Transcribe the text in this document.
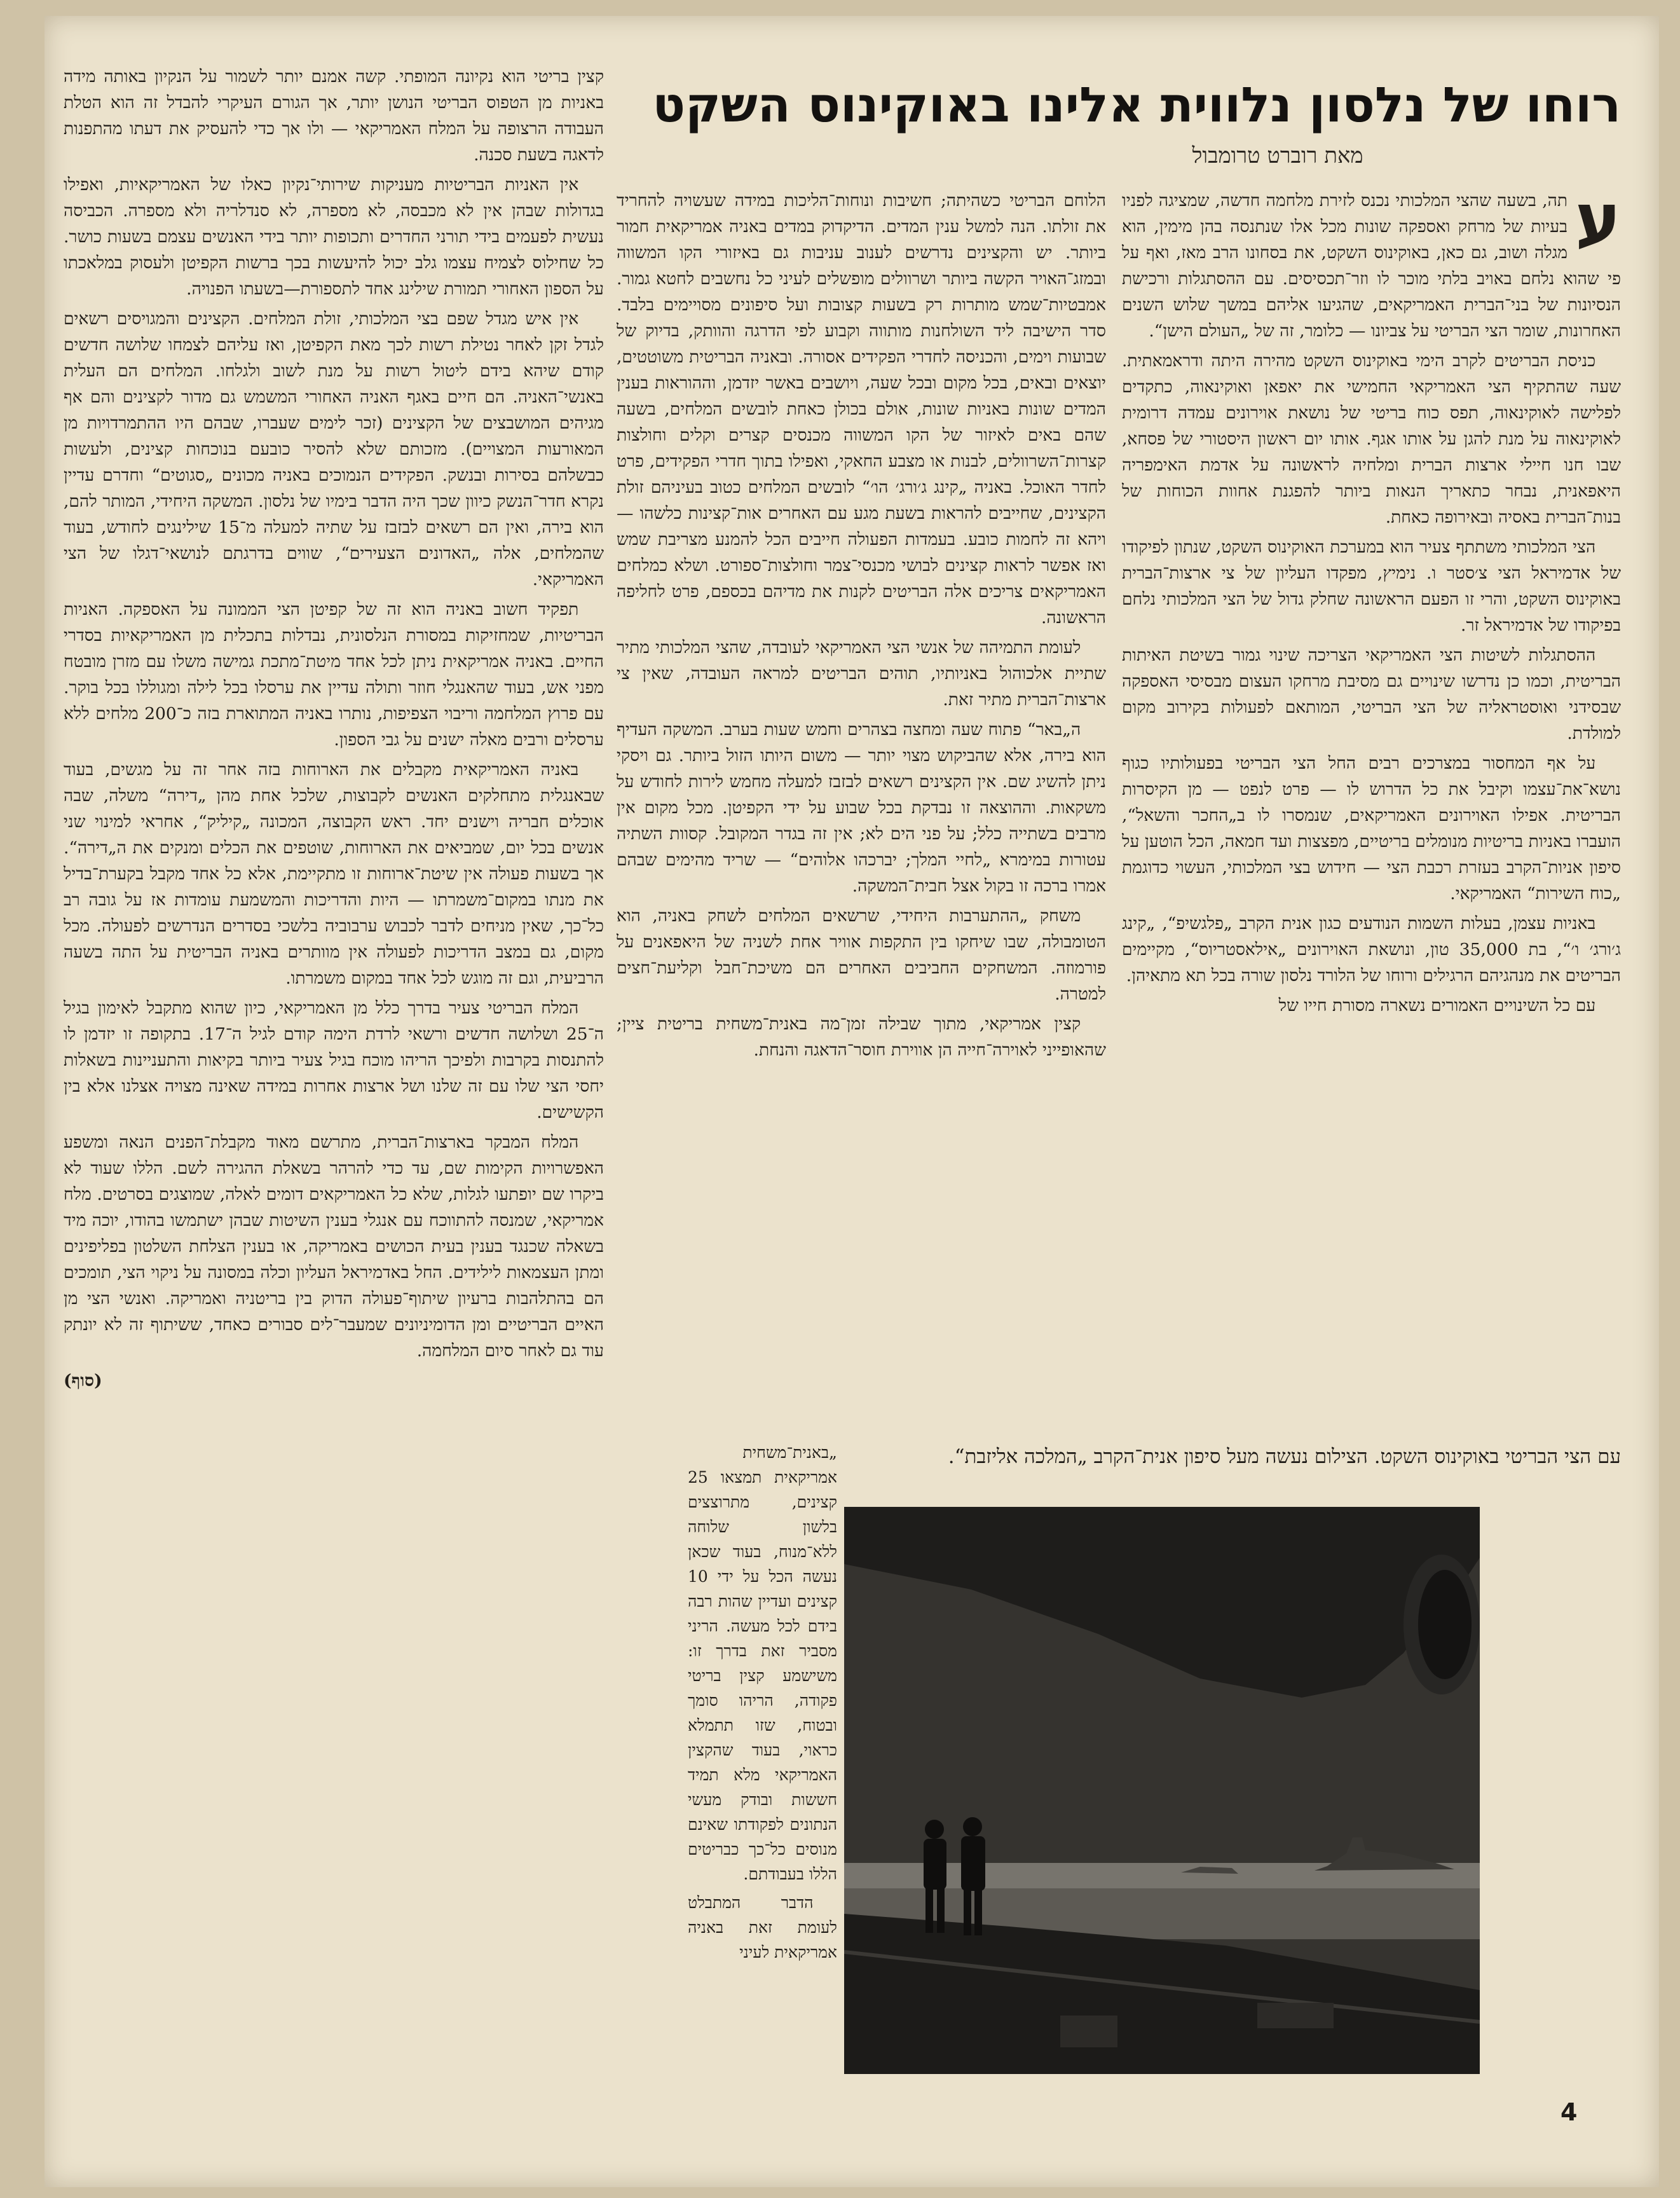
רוחו של נלסון נלווית אלינו באוקינוס השקט
מאת רוברט טרומבול

ע
תה, בשעה שהצי המלכותי נכנס לזירת מלחמה חדשה, שמציגה לפניו בעיות של מרחק ואספקה שונות מכל אלו שנתנסה בהן מימין, הוא מגלה ושוב, גם כאן, באוקינוס השקט, את בסחונו הרב מאז, ואף על פי שהוא נלחם באויב בלתי מוכר לו וזר־תכסיסים. עם ההסתגלות ורכישת הנסיונות של בני־הברית האמריקאים, שהגיעו אליהם במשך שלוש השנים האחרונות, שומר הצי הבריטי על צביונו — כלומר, זה של „העולם הישן“.

כניסת הבריטים לקרב הימי באוקינוס השקט מהירה היתה ודראמאתית. שעה שהתקיף הצי האמריקאי החמישי את יאפאן ואוקינאוה, כתקדים לפלישה לאוקינאוה, תפס כוח בריטי של נושאת אוירונים עמדה דרומית לאוקינאוה על מנת להגן על אותו אגף. אותו יום ראשון היסטורי של פסחא, שבו חנו חיילי ארצות הברית ומלחיה לראשונה על אדמת האימפריה היאפאנית, נבחר כתאריך הנאות ביותר להפגנת אחוות הכוחות של בנות־הברית באסיה ובאירופה כאחת.

הצי המלכותי משתתף צעיר הוא במערכת האוקינוס השקט, שנתון לפיקודו של אדמיראל הצי צ׳סטר ו. נימיץ, מפקדו העליון של צי ארצות־הברית באוקינוס השקט, והרי זו הפעם הראשונה שחלק גדול של הצי המלכותי נלחם בפיקודו של אדמיראל זר.

ההסתגלות לשיטות הצי האמריקאי הצריכה שינוי גמור בשיטת האיתות הבריטית, וכמו כן נדרשו שינויים גם מסיבת מרחקו העצום מבסיסי האספקה שבסידני ואוסטראליה של הצי הבריטי, המותאם לפעולות בקירוב מקום למולדת.

על אף המחסור במצרכים רבים החל הצי הבריטי בפעולותיו כגוף נושא־את־עצמו וקיבל את כל הדרוש לו — פרט לנפט — מן הקיסרות הבריטית. אפילו האוירונים האמריקאים, שנמסרו לו ב„החכר והשאל“, הועברו באניות בריטיות מנומלים בריטיים, מפצצות ועד חמאה, הכל הוטען על סיפון אניות־הקרב בעזרת רכבת הצי — חידוש בצי המלכותי, העשוי כדוגמת „כוח השירות“ האמריקאי.

באניות עצמן, בעלות השמות הנודעים כגון אנית הקרב „פלגשיפ“, „קינג ג׳ורג׳ ו׳“, בת 35,000 טון, ונושאת האוירונים „אילאסטריוס“, מקיימים הבריטים את מנהגיהם הרגילים ורוחו של הלורד נלסון שורה בכל תא מתאיהן.

עם כל השינויים האמורים נשארה מסורת חייו של

הלוחם הבריטי כשהיתה; חשיבות ונוחות־הליכות במידה שעשויה להחריד את זולתו. הנה למשל ענין המדים. הדיקדוק במדים באניה אמריקאית חמור ביותר. יש והקצינים נדרשים לענוב עניבות גם באיזורי הקו המשווה ובמזג־האויר הקשה ביותר ושרוולים מופשלים לעיני כל נחשבים לחטא גמור. אמבטיות־שמש מותרות רק בשעות קצובות ועל סיפונים מסויימים בלבד. סדר הישיבה ליד השולחנות מותווה וקבוע לפי הדרגה והוותק, בדיוק של שבועות וימים, והכניסה לחדרי הפקידים אסורה. ובאניה הבריטית משוטטים, יוצאים ובאים, בכל מקום ובכל שעה, ויושבים באשר יזדמן, וההוראות בענין המדים שונות באניות שונות, אולם בכולן כאחת לובשים המלחים, בשעה שהם באים לאיזור של הקו המשווה מכנסים קצרים וקלים וחולצות קצרות־השרוולים, לבנות או מצבע החאקי, ואפילו בתוך חדרי הפקידים, פרט לחדר האוכל. באניה „קינג ג׳ורג׳ הו׳“ לובשים המלחים כטוב בעיניהם זולת הקצינים, שחייבים להראות בשעת מגע עם האחרים אות־קצינות כלשהו — ויהא זה לחמות כובע. בעמדות הפעולה חייבים הכל להמנע מצריבת שמש ואז אפשר לראות קצינים לבושי מכנסי־צמר וחולצות־ספורט. ושלא כמלחים האמריקאים צריכים אלה הבריטים לקנות את מדיהם בכספם, פרט לחליפה הראשונה.

לעומת התמיהה של אנשי הצי האמריקאי לעובדה, שהצי המלכותי מתיר שתיית אלכוהול באניותיו, תוהים הבריטים למראה העובדה, שאין צי ארצות־הברית מתיר זאת.

ה„באר“ פתוח שעה ומחצה בצהרים וחמש שעות בערב. המשקה העדיף הוא בירה, אלא שהביקוש מצוי יותר — משום היותו הזול ביותר. גם ויסקי ניתן להשיג שם. אין הקצינים רשאים לבזבז למעלה מחמש לירות לחודש על משקאות. וההוצאה זו נבדקת בכל שבוע על ידי הקפיטן. מכל מקום אין מרבים בשתייה כלל; על פני הים לא; אין זה בגדר המקובל. קסוות השתיה עטורות במימרא „לחיי המלך; יברכהו אלוהים“ — שריד מהימים שבהם אמרו ברכה זו בקול אצל חבית־המשקה.

משחק „ההתערבות היחידי, שרשאים המלחים לשחק באניה, הוא הטומבולה, שבו שיחקו בין התקפות אוויר אחת לשניה של היאפאנים על פורמוזה. המשחקים החביבים האחרים הם משיכת־חבל וקליעת־חצים למטרה.

קצין אמריקאי, מתוך שבילה זמן־מה באנית־משחית בריטית ציין; שהאופייני לאוירה־חייה הן אווירת חוסר־הדאגה והנחת.

„באנית־משחית אמריקאית תמצאו 25 קצינים, מתרוצצים בלשון שלוחה ללא־מנוח, בעוד שכאן נעשה הכל על ידי 10 קצינים ועדיין שהות רבה בידם לכל מעשה. הריני מסביר זאת בדרך זו: משישמע קצין בריטי פקודה, הריהו סומך ובטוח, שזו תתמלא כראוי, בעוד שהקצין האמריקאי מלא תמיד חששות ובודק מעשי הנתונים לפקודתו שאינם מנוסים כל־כך כבריטים הללו בעבודתם.

הדבר המתבלט לעומת זאת באניה אמריקאית לעיני

קצין בריטי הוא נקיונה המופתי. קשה אמנם יותר לשמור על הנקיון באותה מידה באניות מן הטפוס הבריטי הנושן יותר, אך הגורם העיקרי להבדל זה הוא הטלת העבודה הרצופה על המלח האמריקאי — ולו אך כדי להעסיק את דעתו מהתפנות לדאגה בשעת סכנה.

אין האניות הבריטיות מעניקות שירותי־נקיון כאלו של האמריקאיות, ואפילו בגדולות שבהן אין לא מכבסה, לא מספרה, לא סנדלריה ולא מספרה. הכביסה נעשית לפעמים בידי תורני החדרים ותכופות יותר בידי האנשים עצמם בשעות כושר. כל שחילוס לצמיח עצמו גלב יכול להיעשות בכך ברשות הקפיטן ולעסוק במלאכתו על הספון האחורי תמורת שילינג אחד לתספורת—בשעתו הפנויה.

אין איש מגדל שפם בצי המלכותי, זולת המלחים. הקצינים והמגויסים רשאים לגדל זקן לאחר נטילת רשות לכך מאת הקפיטן, ואז עליהם לצמחו שלושה חדשים קודם שיהא בידם ליטול רשות על מנת לשוב ולגלחו. המלחים הם העלית באנשי־האניה. הם חיים באגף האניה האחורי המשמש גם מדור לקצינים והם אף מגיהים המושבצים של הקצינים (זכר לימים שעברו, שבהם היו ההתמרדויות מן המאורעות המצויים). מזכותם שלא להסיר כובעם בנוכחות קצינים, ולעשות כבשלהם בסירות ובנשק. הפקידים הנמוכים באניה מכונים „סגוטים“ וחדרם עדיין נקרא חדר־הנשק כיוון שכך היה הדבר בימיו של נלסון. המשקה היחידי, המותר להם, הוא בירה, ואין הם רשאים לבזבז על שתיה למעלה מ־15 שילינגים לחודש, בעוד שהמלחים, אלה „האדונים הצעירים“, שווים בדרגתם לנושאי־דגלו של הצי האמריקאי.

תפקיד חשוב באניה הוא זה של קפיטן הצי הממונה על האספקה. האניות הבריטיות, שמחזיקות במסורת הנלסונית, נבדלות בתכלית מן האמריקאיות בסדרי החיים. באניה אמריקאית ניתן לכל אחד מיטת־מתכת גמישה משלו עם מזרן מובטח מפני אש, בעוד שהאנגלי חוזר ותולה עדיין את ערסלו בכל לילה ומגוללו בכל בוקר. עם פרוץ המלחמה וריבוי הצפיפות, נותרו באניה המתוארת בזה כ־200 מלחים ללא ערסלים ורבים מאלה ישנים על גבי הספון.

באניה האמריקאית מקבלים את הארוחות בזה אחר זה על מגשים, בעוד שבאנגלית מתחלקים האנשים לקבוצות, שלכל אחת מהן „דירה“ משלה, שבה אוכלים חבריה וישנים יחד. ראש הקבוצה, המכונה „קיליק“, אחראי למינוי שני אנשים בכל יום, שמביאים את הארוחות, שוטפים את הכלים ומנקים את ה„דירה“. אך בשעות פעולה אין שיטת־ארוחות זו מתקיימת, אלא כל אחד מקבל בקערת־בדיל את מנתו במקום־משמרתו — היות והדריכות והמשמעת עומדות אז על גובה רב כל־כך, שאין מניחים לדבר לכבוש ערבוביה בלשכי בסדרים הנדרשים לפעולה. מכל מקום, גם במצב הדריכות לפעולה אין מוותרים באניה הבריטית על התה בשעה הרביעית, וגם זה מוגש לכל אחד במקום משמרתו.

המלח הבריטי צעיר בדרך כלל מן האמריקאי, כיון שהוא מתקבל לאימון בגיל ה־25 ושלושה חדשים ורשאי לרדת הימה קודם לגיל ה־17. בתקופה זו יזדמן לו להתנסות בקרבות ולפיכך הריהו מוכח בגיל צעיר ביותר בקיאות והתעניינות בשאלות יחסי הצי שלו עם זה שלנו ושל ארצות אחרות במידה שאינה מצויה אצלנו אלא בין הקשישים.

המלח המבקר בארצות־הברית, מתרשם מאוד מקבלת־הפנים הנאה ומשפע האפשרויות הקימות שם, עד כדי להרהר בשאלת ההגירה לשם. הללו שעוד לא ביקרו שם יופתעו לגלות, שלא כל האמריקאים דומים לאלה, שמוצגים בסרטים. מלח אמריקאי, שמנסה להתווכח עם אנגלי בענין השיטות שבהן ישתמשו בהודו, יוכה מיד בשאלה שכנגד בענין בעית הכושים באמריקה, או בענין הצלחת השלטון בפליפינים ומתן העצמאות לילידים. החל באדמיראל העליון וכלה במסונה על ניקוי הצי, תומכים הם בהתלהבות ברעיון שיתוף־פעולה הדוק בין בריטניה ואמריקה. ואנשי הצי מן האיים הבריטיים ומן הדומיניונים שמעבר־לים סבורים כאחד, ששיתוף זה לא יונתק עוד גם לאחר סיום המלחמה.

(סוף)
עם הצי הבריטי באוקינוס השקט. הצילום נעשה מעל סיפון אנית־הקרב „המלכה אליזבת“.
4
